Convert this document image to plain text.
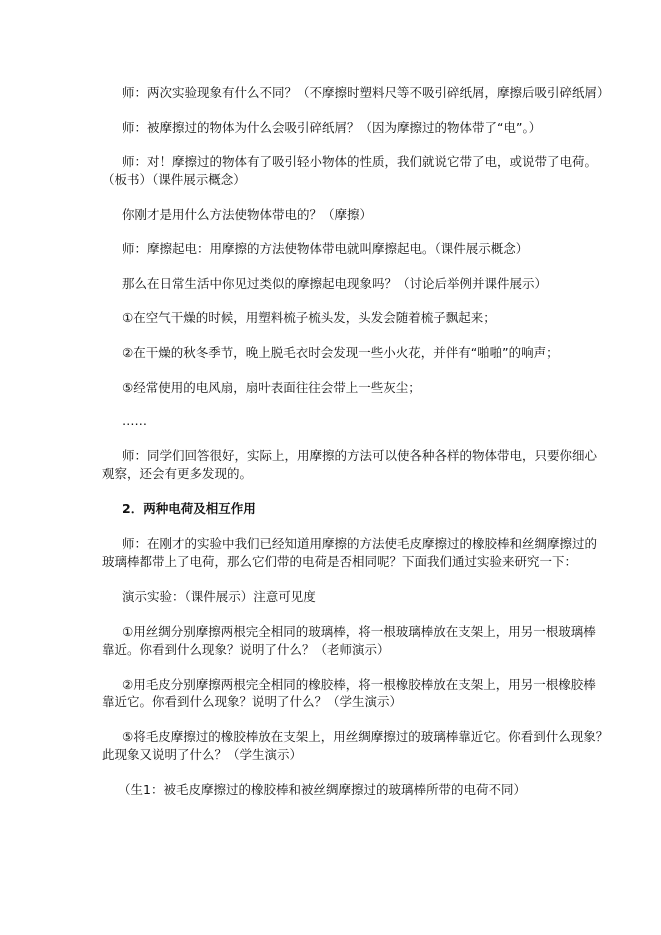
师：两次实验现象有什么不同？（不摩擦时塑料尺等不吸引碎纸屑，摩擦后吸引碎纸屑）
师：被摩擦过的物体为什么会吸引碎纸屑？（因为摩擦过的物体带了“电”。）
师：对！摩擦过的物体有了吸引轻小物体的性质，我们就说它带了电，或说带了电荷。
（板书）（课件展示概念）
你刚才是用什么方法使物体带电的？（摩擦）
师：摩擦起电：用摩擦的方法使物体带电就叫摩擦起电。（课件展示概念）
那么在日常生活中你见过类似的摩擦起电现象吗？（讨论后举例并课件展示）
①在空气干燥的时候，用塑料梳子梳头发，头发会随着梳子飘起来；
②在干燥的秋冬季节，晚上脱毛衣时会发现一些小火花，并伴有“啪啪”的响声；
⑤经常使用的电风扇，扇叶表面往往会带上一些灰尘；
……
师：同学们回答很好，实际上，用摩擦的方法可以使各种各样的物体带电，只要你细心
观察，还会有更多发现的。
2．两种电荷及相互作用
师：在刚才的实验中我们已经知道用摩擦的方法使毛皮摩擦过的橡胶棒和丝绸摩擦过的
玻璃棒都带上了电荷，那么它们带的电荷是否相同呢？下面我们通过实验来研究一下：
演示实验：（课件展示）注意可见度
①用丝绸分别摩擦两根完全相同的玻璃棒，将一根玻璃棒放在支架上，用另一根玻璃棒
靠近。你看到什么现象？说明了什么？（老师演示）
②用毛皮分别摩擦两根完全相同的橡胶棒，将一根橡胶棒放在支架上，用另一根橡胶棒
靠近它。你看到什么现象？说明了什么？（学生演示）
⑤将毛皮摩擦过的橡胶棒放在支架上，用丝绸摩擦过的玻璃棒靠近它。你看到什么现象？
此现象又说明了什么？（学生演示）
（生1：被毛皮摩擦过的橡胶棒和被丝绸摩擦过的玻璃棒所带的电荷不同）
